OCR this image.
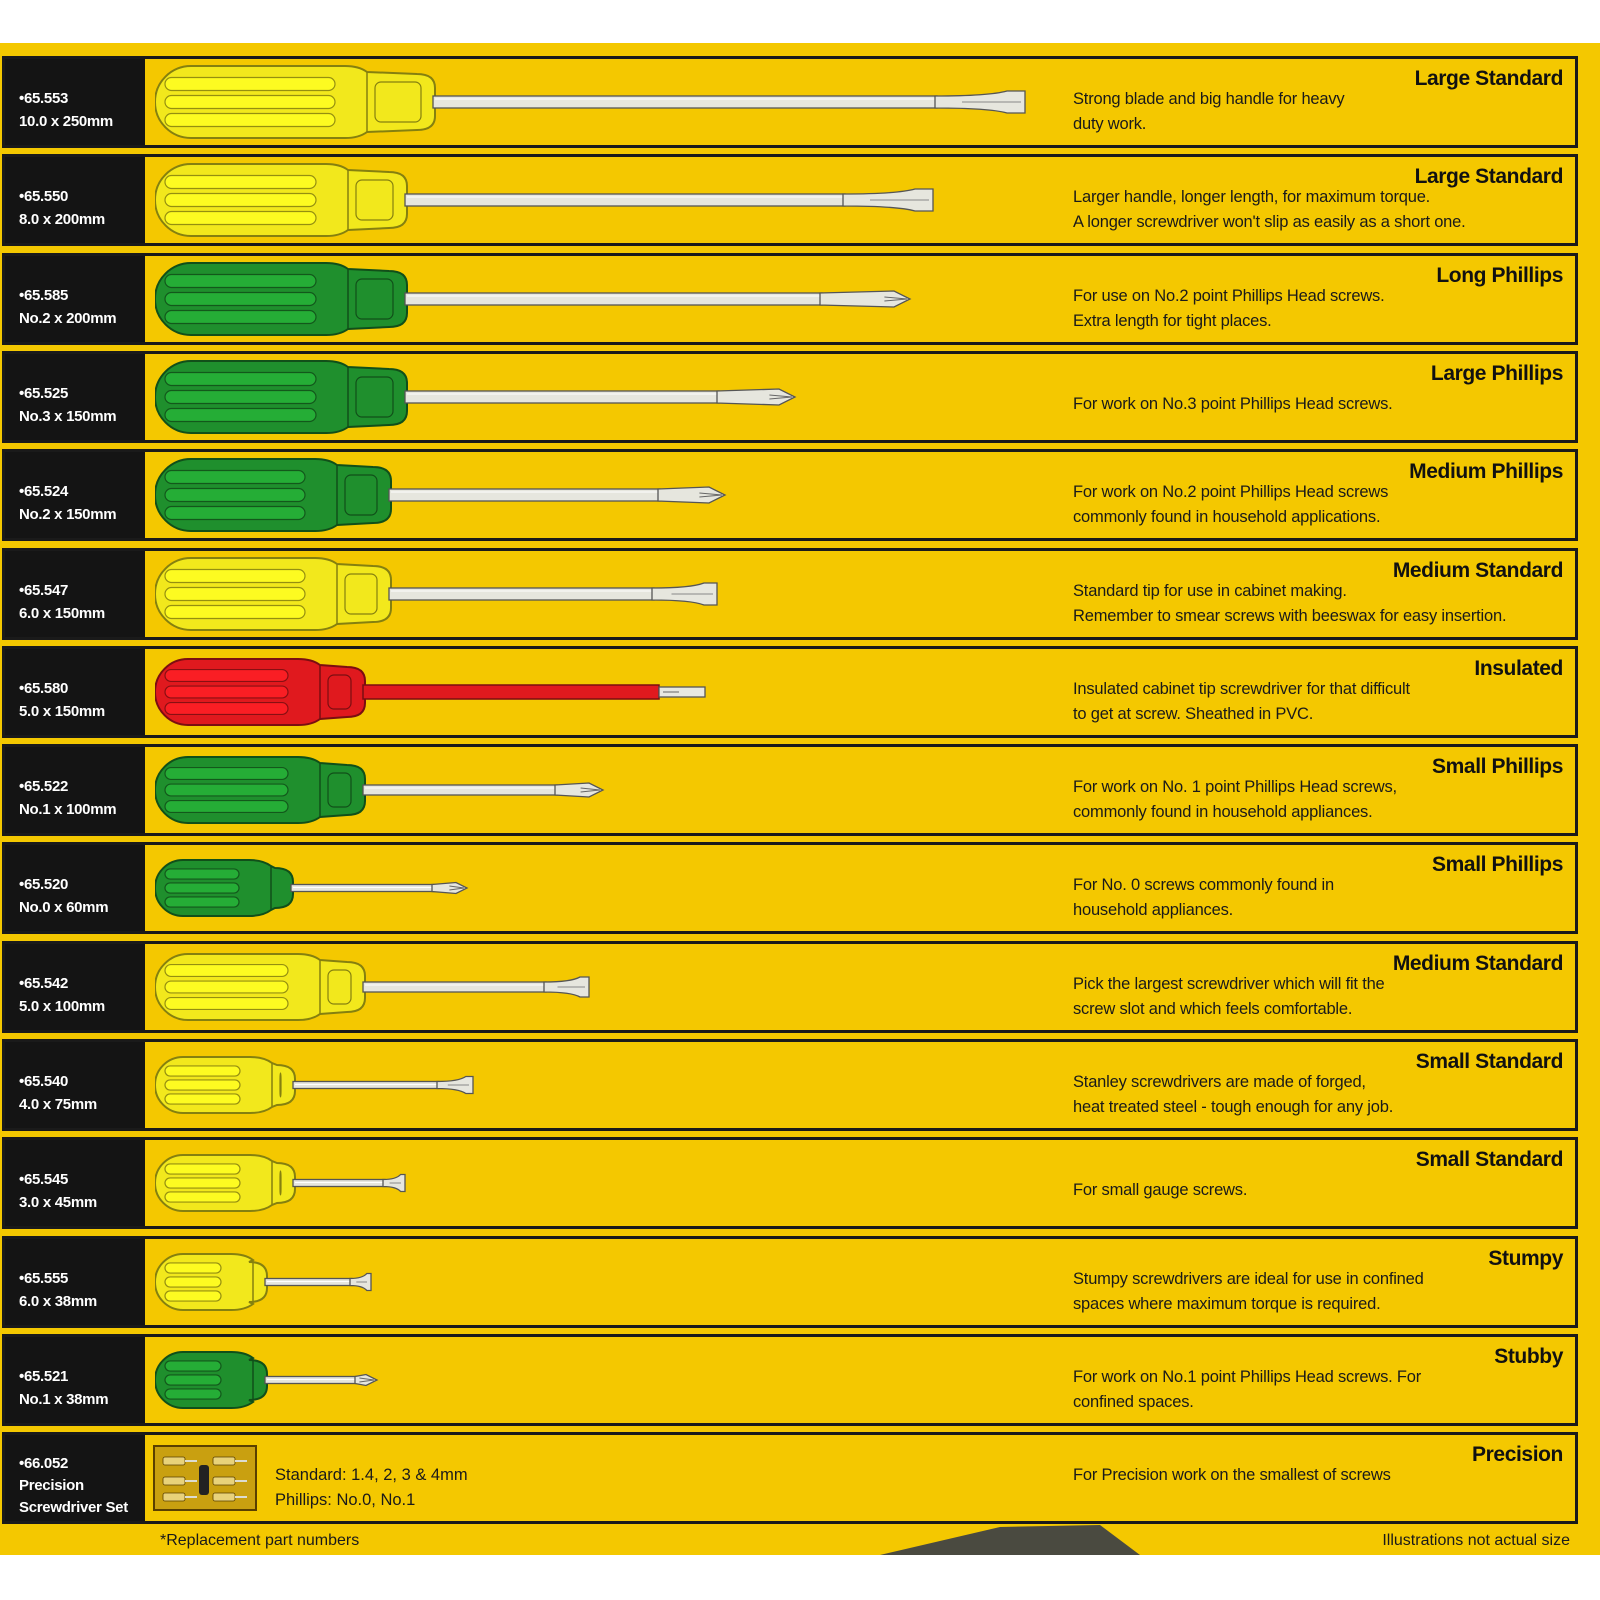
•65.553
10.0 x 250mm
Large Standard
Strong blade and big handle for heavy
duty work.
•65.550
8.0 x 200mm
Large Standard
Larger handle, longer length, for maximum torque.
A longer screwdriver won't slip as easily as a short one.
•65.585
No.2 x 200mm
Long Phillips
For use on No.2 point Phillips Head screws.
Extra length for tight places.
•65.525
No.3 x 150mm
Large Phillips
For work on No.3 point Phillips Head screws.
•65.524
No.2 x 150mm
Medium Phillips
For work on No.2 point Phillips Head screws
commonly found in household applications.
•65.547
6.0 x 150mm
Medium Standard
Standard tip for use in cabinet making.
Remember to smear screws with beeswax for easy insertion.
•65.580
5.0 x 150mm
Insulated
Insulated cabinet tip screwdriver for that difficult
to get at screw. Sheathed in PVC.
•65.522
No.1 x 100mm
Small Phillips
For work on No. 1 point Phillips Head screws,
commonly found in household appliances.
•65.520
No.0 x 60mm
Small Phillips
For No. 0 screws commonly found in
household appliances.
•65.542
5.0 x 100mm
Medium Standard
Pick the largest screwdriver which will fit the
screw slot and which feels comfortable.
•65.540
4.0 x 75mm
Small Standard
Stanley screwdrivers are made of forged,
heat treated steel - tough enough for any job.
•65.545
3.0 x 45mm
Small Standard
For small gauge screws.
•65.555
6.0 x 38mm
Stumpy
Stumpy screwdrivers are ideal for use in confined
spaces where maximum torque is required.
•65.521
No.1 x 38mm
Stubby
For work on No.1 point Phillips Head screws. For
confined spaces.
•66.052
Precision
Screwdriver Set
Precision
Standard: 1.4, 2, 3 & 4mm
Phillips: No.0, No.1
For Precision work on the smallest of screws
*Replacement part numbers	Illustrations not actual size
